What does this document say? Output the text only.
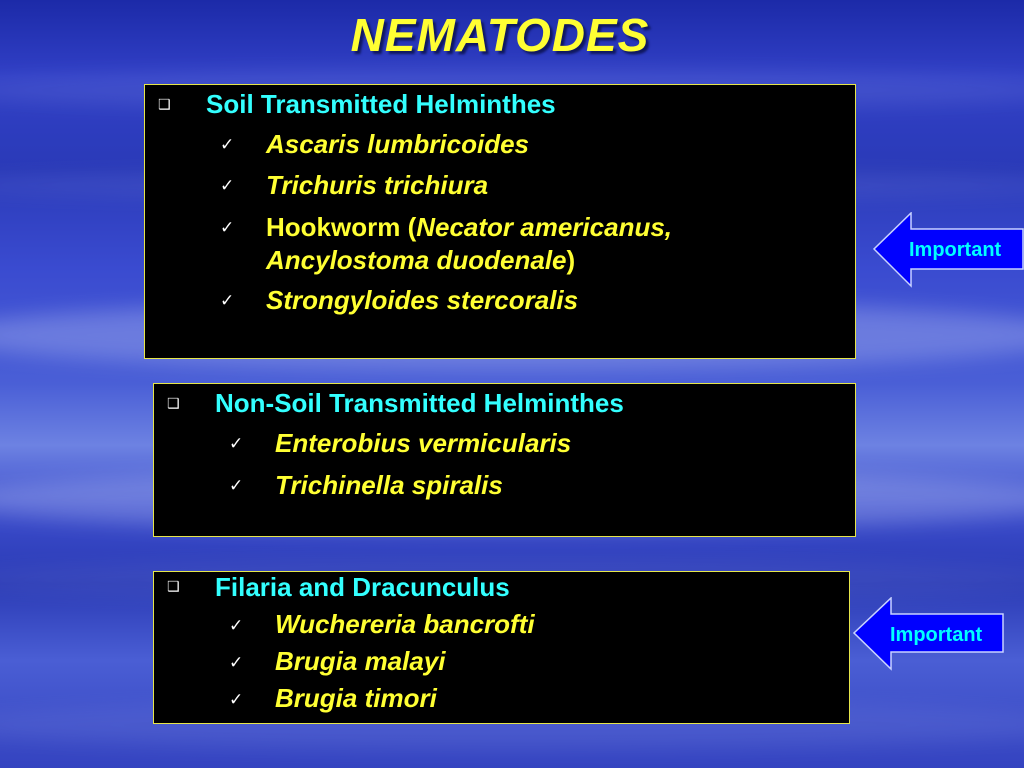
NEMATODES
❑ Soil Transmitted Helminthes
✓ Ascaris lumbricoides
✓ Trichuris trichiura
✓ Hookworm (Necator americanus,
Ancylostoma duodenale)
✓ Strongyloides stercoralis
Important
❑ Non-Soil Transmitted Helminthes
✓ Enterobius vermicularis
✓ Trichinella spiralis
❑ Filaria and Dracunculus
✓ Wuchereria bancrofti
✓ Brugia malayi
✓ Brugia timori
Important
